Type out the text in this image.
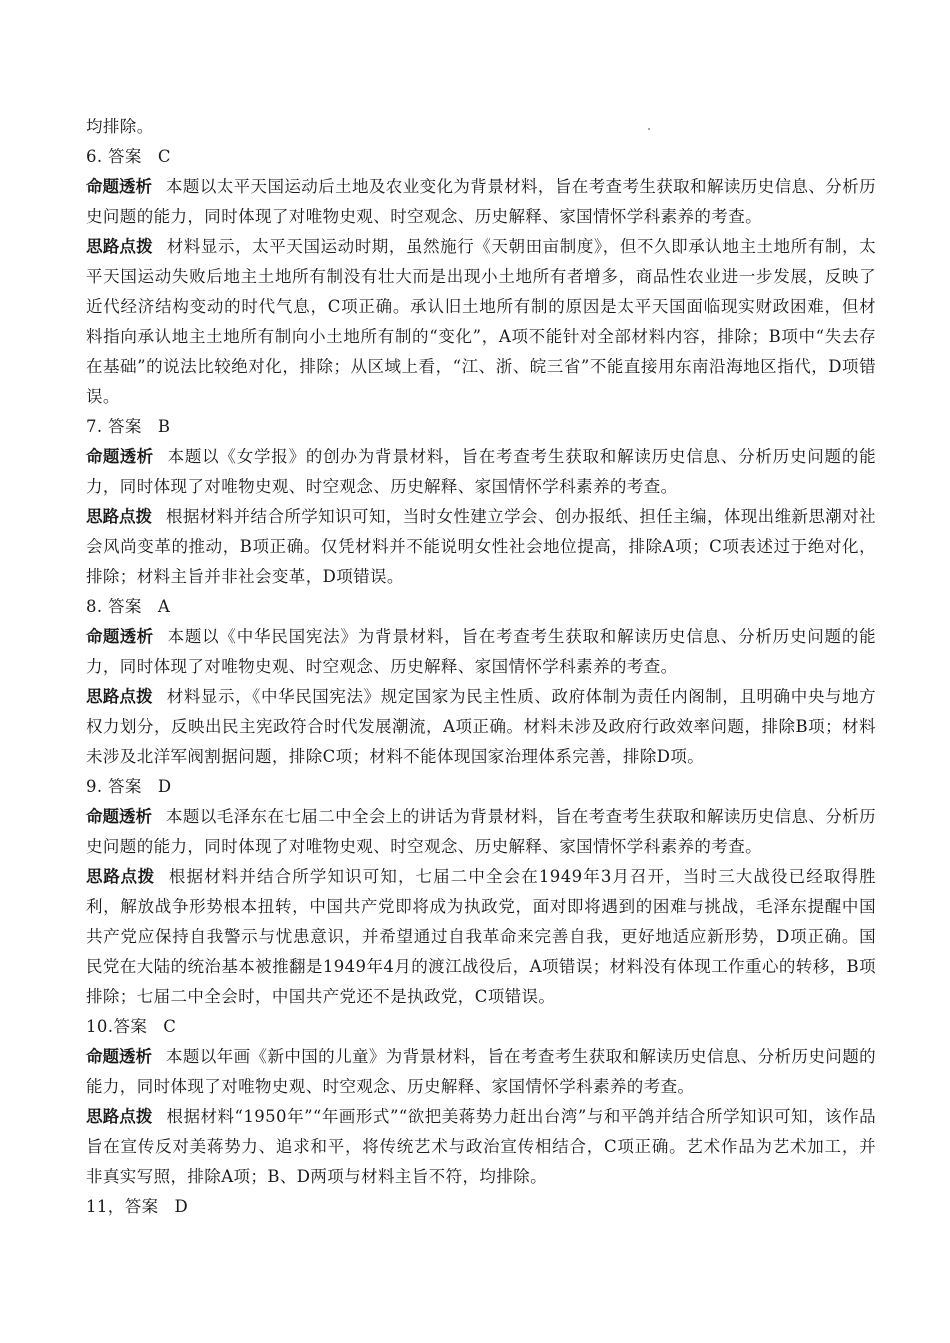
均排除。

6. 答案 C

命题透析 本题以太平天国运动后土地及农业变化为背景材料，旨在考查考生获取和解读历史信息、分析历史问题的能力，同时体现了对唯物史观、时空观念、历史解释、家国情怀学科素养的考查。

思路点拨 材料显示，太平天国运动时期，虽然施行《天朝田亩制度》，但不久即承认地主土地所有制，太平天国运动失败后地主土地所有制没有壮大而是出现小土地所有者增多，商品性农业进一步发展，反映了近代经济结构变动的时代气息，C项正确。承认旧土地所有制的原因是太平天国面临现实财政困难，但材料指向承认地主土地所有制向小土地所有制的“变化”，A项不能针对全部材料内容，排除；B项中“失去存在基础”的说法比较绝对化，排除；从区域上看，“江、浙、皖三省”不能直接用东南沿海地区指代，D项错误。

7. 答案 B

命题透析 本题以《女学报》的创办为背景材料，旨在考查考生获取和解读历史信息、分析历史问题的能力，同时体现了对唯物史观、时空观念、历史解释、家国情怀学科素养的考查。

思路点拨 根据材料并结合所学知识可知，当时女性建立学会、创办报纸、担任主编，体现出维新思潮对社会风尚变革的推动，B项正确。仅凭材料并不能说明女性社会地位提高，排除A项；C项表述过于绝对化，排除；材料主旨并非社会变革，D项错误。

8. 答案 A

命题透析 本题以《中华民国宪法》为背景材料，旨在考查考生获取和解读历史信息、分析历史问题的能力，同时体现了对唯物史观、时空观念、历史解释、家国情怀学科素养的考查。

思路点拨 材料显示，《中华民国宪法》规定国家为民主性质、政府体制为责任内阁制，且明确中央与地方权力划分，反映出民主宪政符合时代发展潮流，A项正确。材料未涉及政府行政效率问题，排除B项；材料未涉及北洋军阀割据问题，排除C项；材料不能体现国家治理体系完善，排除D项。

9. 答案 D

命题透析 本题以毛泽东在七届二中全会上的讲话为背景材料，旨在考查考生获取和解读历史信息、分析历史问题的能力，同时体现了对唯物史观、时空观念、历史解释、家国情怀学科素养的考查。

思路点拨 根据材料并结合所学知识可知，七届二中全会在1949年3月召开，当时三大战役已经取得胜利，解放战争形势根本扭转，中国共产党即将成为执政党，面对即将遇到的困难与挑战，毛泽东提醒中国共产党应保持自我警示与忧患意识，并希望通过自我革命来完善自我，更好地适应新形势，D项正确。国民党在大陆的统治基本被推翻是1949年4月的渡江战役后，A项错误；材料没有体现工作重心的转移，B项排除；七届二中全会时，中国共产党还不是执政党，C项错误。

10. 答案 C

命题透析 本题以年画《新中国的儿童》为背景材料，旨在考查考生获取和解读历史信息、分析历史问题的能力，同时体现了对唯物史观、时空观念、历史解释、家国情怀学科素养的考查。

思路点拨 根据材料“1950年”“年画形式”“欲把美蒋势力赶出台湾”与和平鸽并结合所学知识可知，该作品旨在宣传反对美蒋势力、追求和平，将传统艺术与政治宣传相结合，C项正确。艺术作品为艺术加工，并非真实写照，排除A项；B、D两项与材料主旨不符，均排除。

11， 答案 D
